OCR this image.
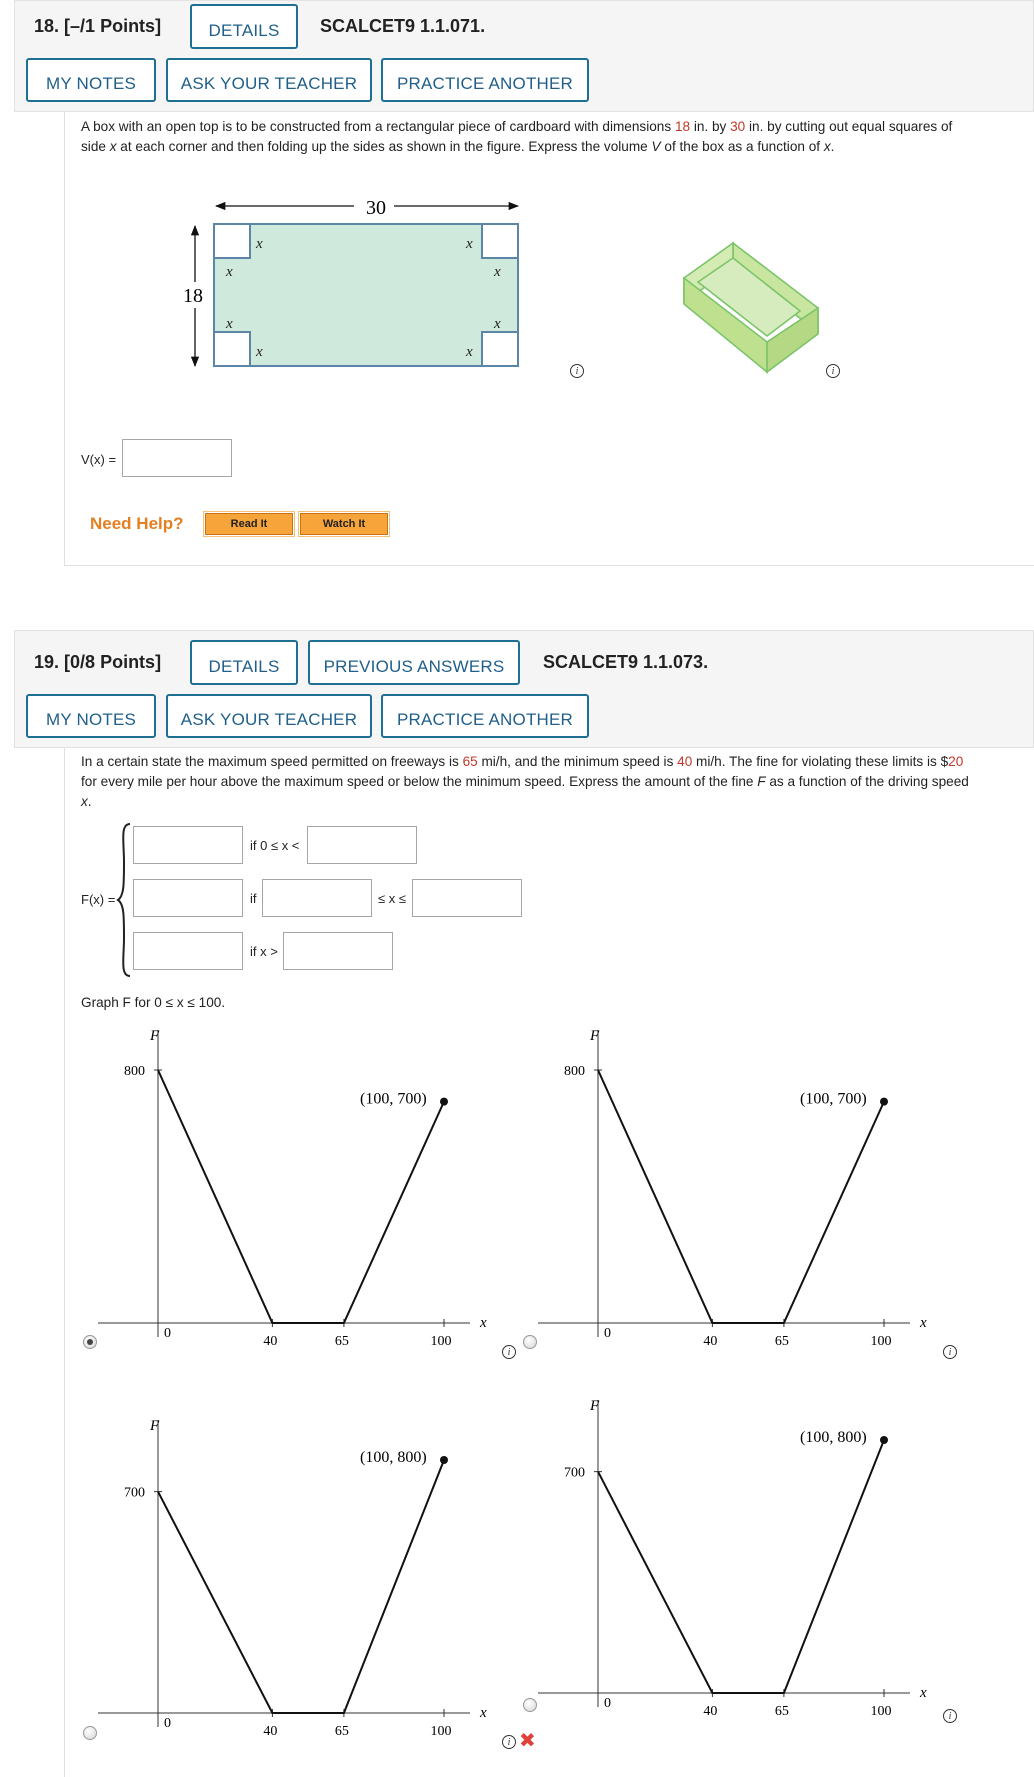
18. [–/1 Points]	DETAILS SCALCET9 1.1.071.
MY NOTES	ASK YOUR TEACHER PRACTICE ANOTHER
A box with an open top is to be constructed from a rectangular piece of cardboard with dimensions 18 in. by 30 in. by cutting out equal squares of
side x at each corner and then folding up the sides as shown in the figure. Express the volume V of the box as a function of x.
30
18
x
x
x
x
x
x
x
x
i	i
V(x) =
Need Help?	Read It	Watch It
19. [0/8 Points]	DETAILS	PREVIOUS ANSWERS SCALCET9 1.1.073.
MY NOTES	ASK YOUR TEACHER PRACTICE ANOTHER
In a certain state the maximum speed permitted on freeways is 65 mi/h, and the minimum speed is 40 mi/h. The fine for violating these limits is $20
for every mile per hour above the maximum speed or below the minimum speed. Express the amount of the fine F as a function of the driving speed
x.
F(x) =
if 0 ≤ x <
if	≤ x ≤
if x >
Graph F for 0 ≤ x ≤ 100.
F
x
0
800
40	65	100
(100, 700)
i
F
x
0
800
40	65	100
(100, 700)
i
F
x
0
700
40	65	100
(100, 800)
i ✖
F
x
0
700
40	65	100
(100, 800)
i
